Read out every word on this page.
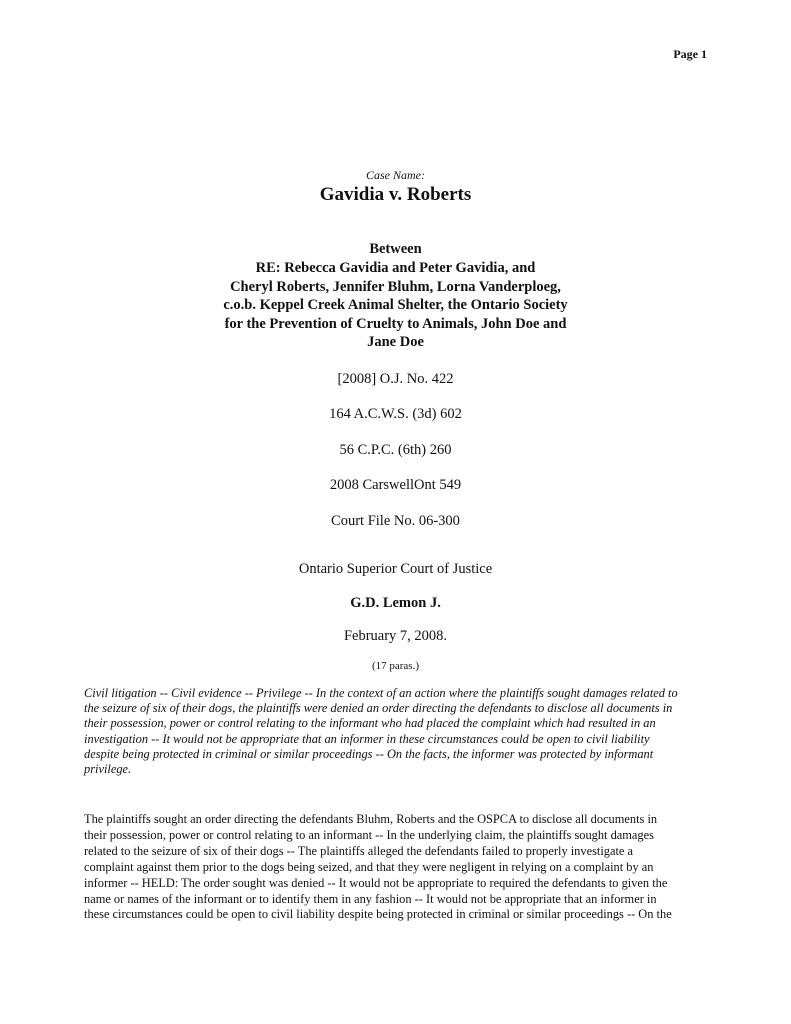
Page 1
Case Name:
Gavidia v. Roberts
Between
RE: Rebecca Gavidia and Peter Gavidia, and
Cheryl Roberts, Jennifer Bluhm, Lorna Vanderploeg,
c.o.b. Keppel Creek Animal Shelter, the Ontario Society
for the Prevention of Cruelty to Animals, John Doe and
Jane Doe
[2008] O.J. No. 422
164 A.C.W.S. (3d) 602
56 C.P.C. (6th) 260
2008 CarswellOnt 549
Court File No. 06-300
Ontario Superior Court of Justice
G.D. Lemon J.
February 7, 2008.
(17 paras.)
Civil litigation -- Civil evidence -- Privilege -- In the context of an action where the plaintiffs sought damages related to
the seizure of six of their dogs, the plaintiffs were denied an order directing the defendants to disclose all documents in
their possession, power or control relating to the informant who had placed the complaint which had resulted in an
investigation -- It would not be appropriate that an informer in these circumstances could be open to civil liability
despite being protected in criminal or similar proceedings -- On the facts, the informer was protected by informant
privilege.
The plaintiffs sought an order directing the defendants Bluhm, Roberts and the OSPCA to disclose all documents in
their possession, power or control relating to an informant -- In the underlying claim, the plaintiffs sought damages
related to the seizure of six of their dogs -- The plaintiffs alleged the defendants failed to properly investigate a
complaint against them prior to the dogs being seized, and that they were negligent in relying on a complaint by an
informer -- HELD: The order sought was denied -- It would not be appropriate to required the defendants to given the
name or names of the informant or to identify them in any fashion -- It would not be appropriate that an informer in
these circumstances could be open to civil liability despite being protected in criminal or similar proceedings -- On the
